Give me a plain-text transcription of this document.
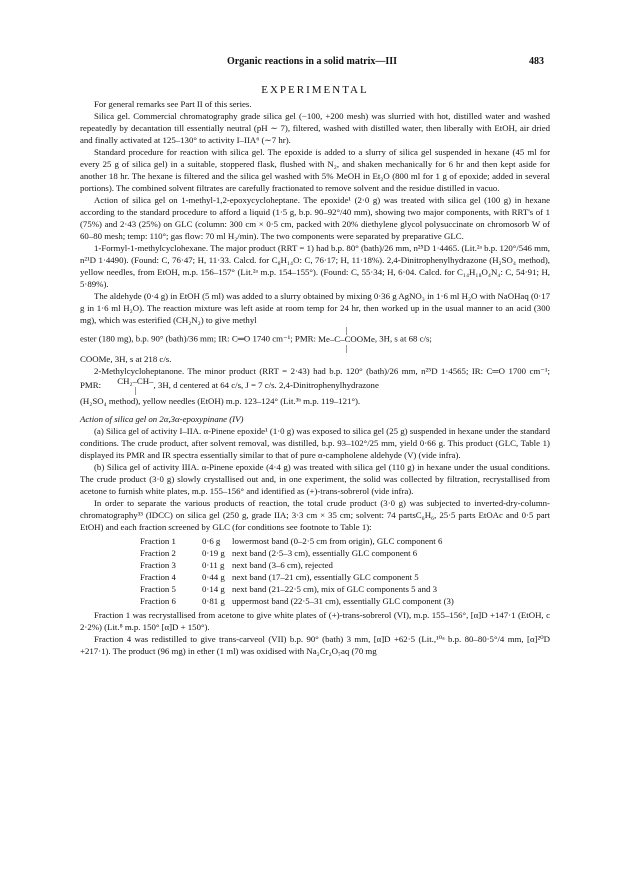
Organic reactions in a solid matrix—III	483
EXPERIMENTAL

For general remarks see Part II of this series.

Silica gel. Commercial chromatography grade silica gel (−100, +200 mesh) was slurried with hot, distilled water and washed repeatedly by decantation till essentially neutral (pH ∼ 7), filtered, washed with distilled water, then liberally with EtOH, air dried and finally activated at 125–130° to activity I–IIA⁶ (∼7 hr).

Standard procedure for reaction with silica gel. The epoxide is added to a slurry of silica gel suspended in hexane (45 ml for every 25 g of silica gel) in a suitable, stoppered flask, flushed with N₂, and shaken mechanically for 6 hr and then kept aside for another 18 hr. The hexane is filtered and the silica gel washed with 5% MeOH in Et₂O (800 ml for 1 g of epoxide; added in several portions). The combined solvent filtrates are carefully fractionated to remove solvent and the residue distilled in vacuo.

Action of silica gel on 1-methyl-1,2-epoxycycloheptane. The epoxide¹ (2·0 g) was treated with silica gel (100 g) in hexane according to the standard procedure to afford a liquid (1·5 g, b.p. 90–92°/40 mm), showing two major components, with RRT's of 1 (75%) and 2·43 (25%) on GLC (column: 300 cm × 0·5 cm, packed with 20% diethylene glycol polysuccinate on chromosorb W of 60–80 mesh; temp: 110°; gas flow: 70 ml H₂/min). The two components were separated by preparative GLC.

1-Formyl-1-methylcyclohexane. The major product (RRT = 1) had b.p. 80° (bath)/26 mm, n²⁵D 1·4465. (Lit.²ᵃ b.p. 120°/546 mm, n²¹D 1·4490). (Found: C, 76·47; H, 11·33. Calcd. for C₈H₁₄O: C, 76·17; H, 11·18%). 2,4-Dinitrophenylhydrazone (H₂SO₄ method), yellow needles, from EtOH, m.p. 156–157° (Lit.²ᵃ m.p. 154–155°). (Found: C, 55·34; H, 6·04. Calcd. for C₁₄H₁₈O₄N₄: C, 54·91; H, 5·89%).

The aldehyde (0·4 g) in EtOH (5 ml) was added to a slurry obtained by mixing 0·36 g AgNO₃ in 1·6 ml H₂O with NaOHaq (0·17 g in 1·6 ml H₂O). The reaction mixture was left aside at room temp for 24 hr, then worked up in the usual manner to an acid (300 mg), which was esterified (CH₂N₂) to give methyl

ester (180 mg), b.p. 90° (bath)/36 mm; IR: C═O 1740 cm⁻¹; PMR:
|
Me–C–COOMe
|
, 3H, s at 68 c/s;

COOMe, 3H, s at 218 c/s.

2-Methylcycloheptanone. The minor product (RRT = 2·43) had b.p. 120° (bath)/26 mm, n²⁵D 1·4565; IR: C═O 1700 cm⁻¹; PMR: CH₂–CH–
|	, 3H, d centered at 64 c/s, J = 7 c/s. 2,4-Dinitrophenylhydrazone

(H₂SO₄ method), yellow needles (EtOH) m.p. 123–124° (Lit.³ᵇ m.p. 119–121°).

Action of silica gel on 2α,3α-epoxypinane (IV)

(a) Silica gel of activity I–IIA. α-Pinene epoxide¹ (1·0 g) was exposed to silica gel (25 g) suspended in hexane under the standard conditions. The crude product, after solvent removal, was distilled, b.p. 93–102°/25 mm, yield 0·66 g. This product (GLC, Table 1) displayed its PMR and IR spectra essentially similar to that of pure α-campholene aldehyde (V) (vide infra).

(b) Silica gel of activity IIIA. α-Pinene epoxide (4·4 g) was treated with silica gel (110 g) in hexane under the usual conditions. The crude product (3·0 g) slowly crystallised out and, in one experiment, the solid was collected by filtration, recrystallised from acetone to furnish white plates, m.p. 155–156° and identified as (+)-trans-sobrerol (vide infra).

In order to separate the various products of reaction, the total crude product (3·0 g) was subjected to inverted-dry-column-chromatography³³ (IDCC) on silica gel (250 g, grade IIA; 3·3 cm × 35 cm; solvent: 74 partsC₆H₆, 25·5 parts EtOAc and 0·5 part EtOH) and each fraction screened by GLC (for conditions see footnote to Table 1):

Fraction 1	0·6 g	lowermost band (0–2·5 cm from origin), GLC component 6
Fraction 2	0·19 g next band (2·5–3 cm), essentially GLC component 6
Fraction 3	0·11 g next band (3–6 cm), rejected
Fraction 4	0·44 g next band (17–21 cm), essentially GLC component 5
Fraction 5	0·14 g next band (21–22·5 cm), mix of GLC components 5 and 3
Fraction 6	0·81 g uppermost band (22·5–31 cm), essentially GLC component (3)

Fraction 1 was recrystallised from acetone to give white plates of (+)-trans-sobrerol (VI), m.p. 155–156°, [α]D +147·1 (EtOH, c 2·2%) (Lit.⁸ m.p. 150° [α]D + 150°).

Fraction 4 was redistilled to give trans-carveol (VII) b.p. 90° (bath) 3 mm, [α]D +62·5 (Lit.,¹⁰ᵃ b.p. 80–80·5°/4 mm, [α]²⁰D +217·1). The product (96 mg) in ether (1 ml) was oxidised with Na₂Cr₂O₇aq (70 mg
